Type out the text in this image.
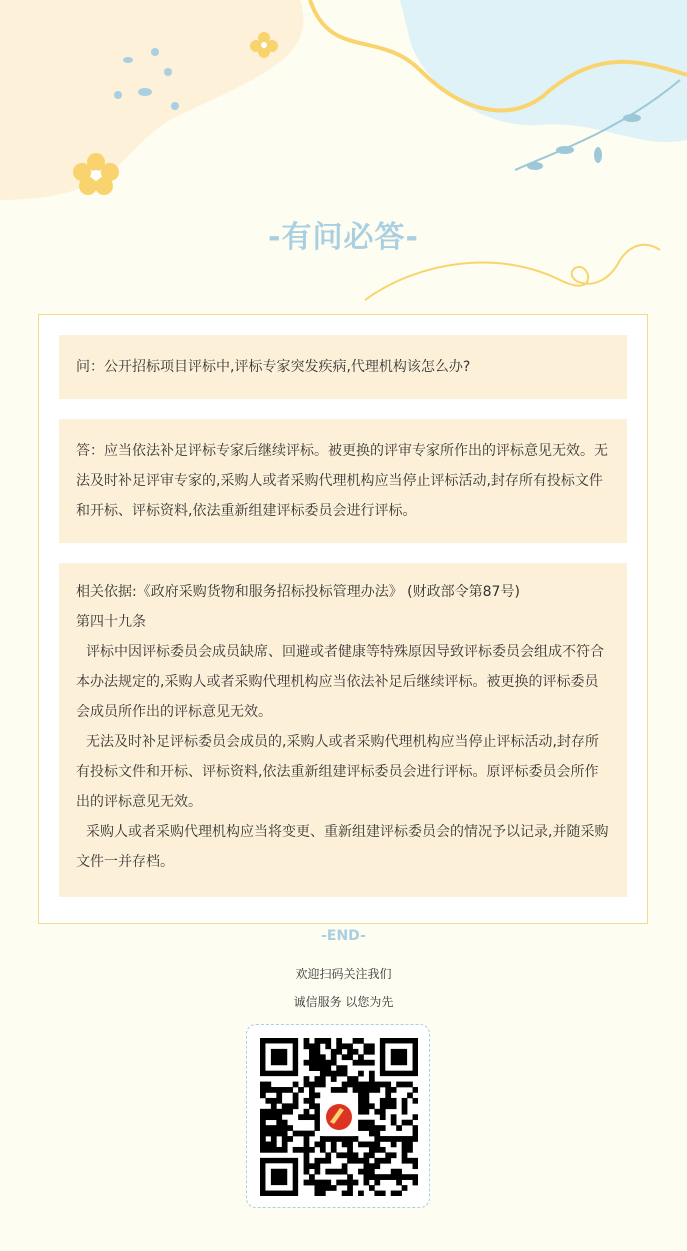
-有问必答-

问：公开招标项目评标中,评标专家突发疾病,代理机构该怎么办?

答：应当依法补足评标专家后继续评标。被更换的评审专家所作出的评标意见无效。无法及时补足评审专家的,采购人或者采购代理机构应当停止评标活动,封存所有投标文件和开标、评标资料,依法重新组建评标委员会进行评标。

相关依据:《政府采购货物和服务招标投标管理办法》 (财政部令第87号)

第四十九条

评标中因评标委员会成员缺席、回避或者健康等特殊原因导致评标委员会组成不符合本办法规定的,采购人或者采购代理机构应当依法补足后继续评标。被更换的评标委员会成员所作出的评标意见无效。

无法及时补足评标委员会成员的,采购人或者采购代理机构应当停止评标活动,封存所有投标文件和开标、评标资料,依法重新组建评标委员会进行评标。原评标委员会所作出的评标意见无效。

采购人或者采购代理机构应当将变更、重新组建评标委员会的情况予以记录,并随采购文件一并存档。

-END-
欢迎扫码关注我们
诚信服务 以您为先
